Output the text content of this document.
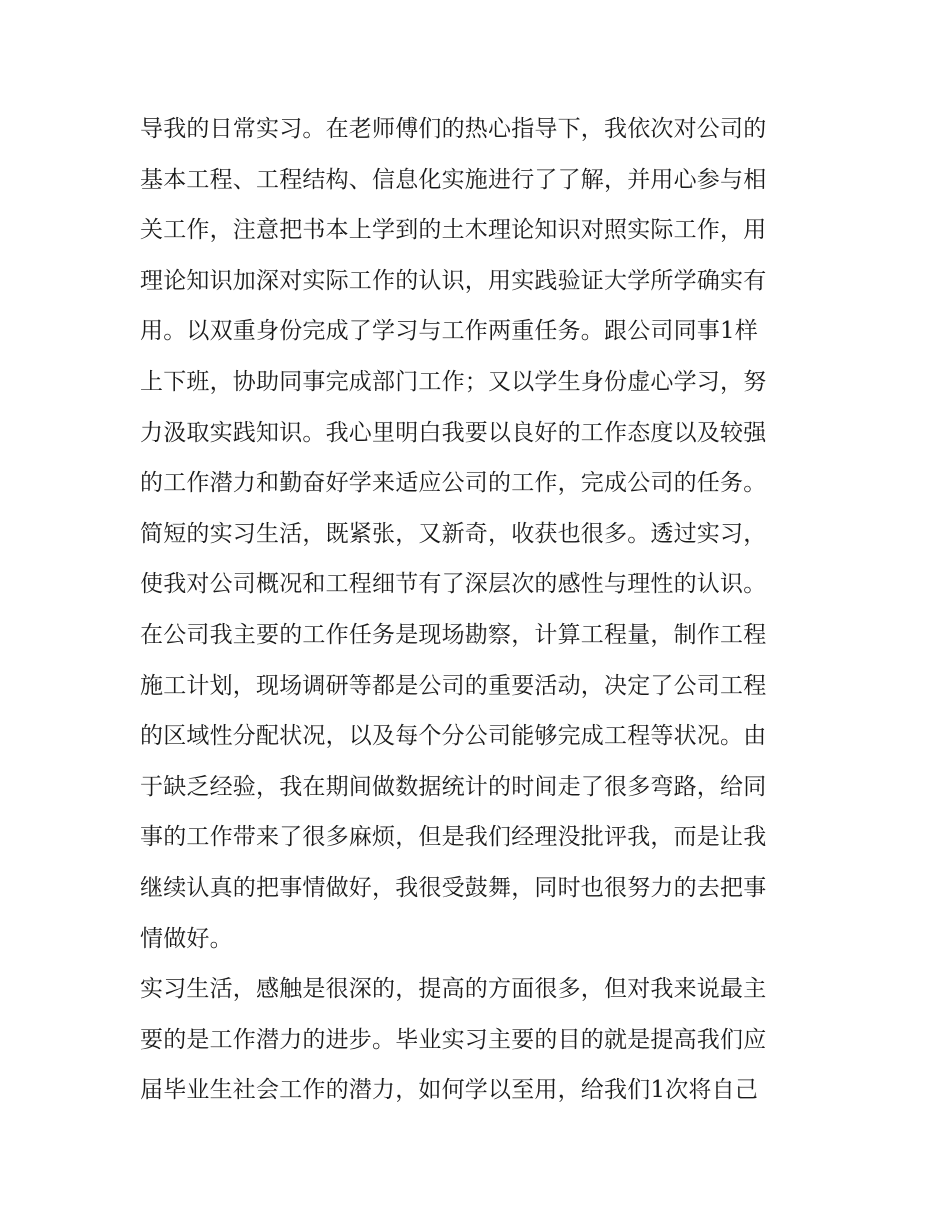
导我的日常实习。在老师傅们的热心指导下，我依次对公司的
基本工程、工程结构、信息化实施进行了了解，并用心参与相
关工作，注意把书本上学到的土木理论知识对照实际工作，用
理论知识加深对实际工作的认识，用实践验证大学所学确实有
用。以双重身份完成了学习与工作两重任务。跟公司同事1样
上下班，协助同事完成部门工作；又以学生身份虚心学习，努
力汲取实践知识。我心里明白我要以良好的工作态度以及较强
的工作潜力和勤奋好学来适应公司的工作，完成公司的任务。
简短的实习生活，既紧张，又新奇，收获也很多。透过实习，
使我对公司概况和工程细节有了深层次的感性与理性的认识。
在公司我主要的工作任务是现场勘察，计算工程量，制作工程
施工计划，现场调研等都是公司的重要活动，决定了公司工程
的区域性分配状况，以及每个分公司能够完成工程等状况。由
于缺乏经验，我在期间做数据统计的时间走了很多弯路，给同
事的工作带来了很多麻烦，但是我们经理没批评我，而是让我
继续认真的把事情做好，我很受鼓舞，同时也很努力的去把事
情做好。
实习生活，感触是很深的，提高的方面很多，但对我来说最主
要的是工作潜力的进步。毕业实习主要的目的就是提高我们应
届毕业生社会工作的潜力，如何学以至用，给我们1次将自己
